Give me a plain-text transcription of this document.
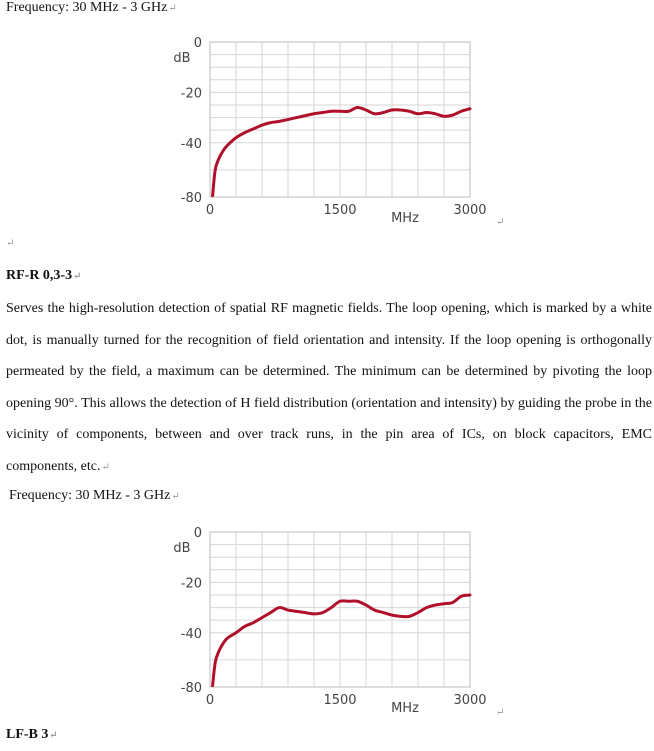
Frequency: 30 MHz - 3 GHz↵
0
-20
-40
-80
dB
0	1500	3000
MHz	↵
↵
RF-R 0,3-3↵
Serves the high-resolution detection of spatial RF magnetic fields. The loop opening, which is marked by a white dot, is manually turned for the recognition of field orientation and intensity. If the loop opening is orthogonally permeated by the field, a maximum can be determined. The minimum can be determined by pivoting the loop opening 90°. This allows the detection of H field distribution (orientation and intensity) by guiding the probe in the vicinity of components, between and over track runs, in the pin area of ICs, on block capacitors, EMC components, etc.↵
Frequency: 30 MHz - 3 GHz↵
0
-20
-40
-80
dB
0	1500	3000
MHz	↵
LF-B 3↵
